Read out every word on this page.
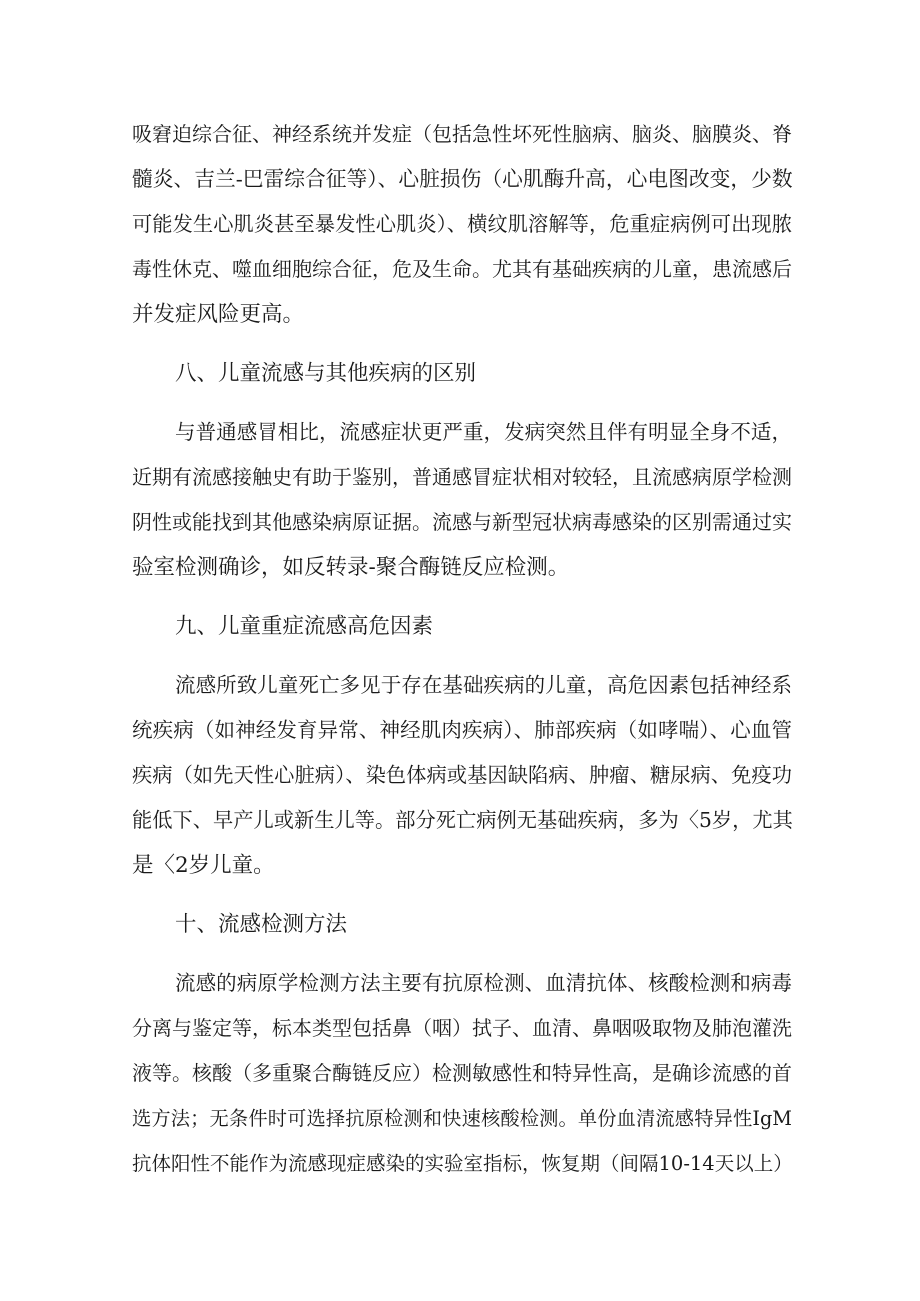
吸窘迫综合征、神经系统并发症（包括急性坏死性脑病、脑炎、脑膜炎、脊
髓炎、吉兰-巴雷综合征等）、心脏损伤（心肌酶升高，心电图改变，少数
可能发生心肌炎甚至暴发性心肌炎）、横纹肌溶解等，危重症病例可出现脓
毒性休克、噬血细胞综合征，危及生命。尤其有基础疾病的儿童，患流感后
并发症风险更高。
八、儿童流感与其他疾病的区别
与普通感冒相比，流感症状更严重，发病突然且伴有明显全身不适，
近期有流感接触史有助于鉴别，普通感冒症状相对较轻，且流感病原学检测
阴性或能找到其他感染病原证据。流感与新型冠状病毒感染的区别需通过实
验室检测确诊，如反转录-聚合酶链反应检测。
九、儿童重症流感高危因素
流感所致儿童死亡多见于存在基础疾病的儿童，高危因素包括神经系
统疾病（如神经发育异常、神经肌肉疾病）、肺部疾病（如哮喘）、心血管
疾病（如先天性心脏病）、染色体病或基因缺陷病、肿瘤、糖尿病、免疫功
能低下、早产儿或新生儿等。部分死亡病例无基础疾病，多为〈5岁，尤其
是〈2岁儿童。
十、流感检测方法
流感的病原学检测方法主要有抗原检测、血清抗体、核酸检测和病毒
分离与鉴定等，标本类型包括鼻（咽）拭子、血清、鼻咽吸取物及肺泡灌洗
液等。核酸（多重聚合酶链反应）检测敏感性和特异性高，是确诊流感的首
选方法；无条件时可选择抗原检测和快速核酸检测。单份血清流感特异性IgM
抗体阳性不能作为流感现症感染的实验室指标，恢复期（间隔10-14天以上）
